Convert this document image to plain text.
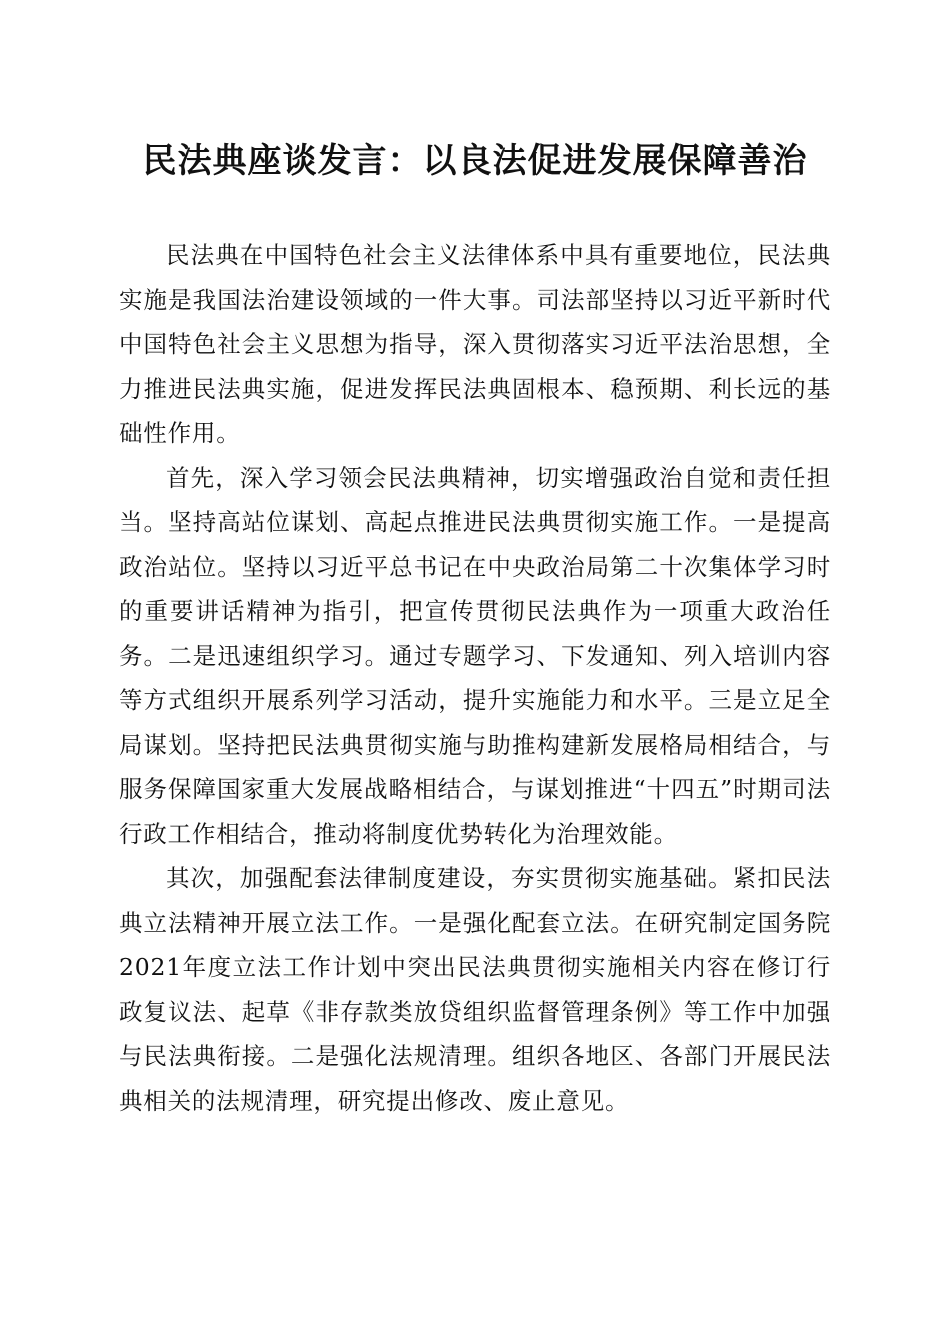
民法典座谈发言：以良法促进发展保障善治

民法典在中国特色社会主义法律体系中具有重要地位，民法典实施是我国法治建设领域的一件大事。司法部坚持以习近平新时代中国特色社会主义思想为指导，深入贯彻落实习近平法治思想，全力推进民法典实施，促进发挥民法典固根本、稳预期、利长远的基础性作用。

首先，深入学习领会民法典精神，切实增强政治自觉和责任担当。坚持高站位谋划、高起点推进民法典贯彻实施工作。一是提高政治站位。坚持以习近平总书记在中央政治局第二十次集体学习时的重要讲话精神为指引，把宣传贯彻民法典作为一项重大政治任务。二是迅速组织学习。通过专题学习、下发通知、列入培训内容等方式组织开展系列学习活动，提升实施能力和水平。三是立足全局谋划。坚持把民法典贯彻实施与助推构建新发展格局相结合，与服务保障国家重大发展战略相结合，与谋划推进“十四五”时期司法行政工作相结合，推动将制度优势转化为治理效能。

其次，加强配套法律制度建设，夯实贯彻实施基础。紧扣民法典立法精神开展立法工作。一是强化配套立法。在研究制定国务院2021年度立法工作计划中突出民法典贯彻实施相关内容在修订行政复议法、起草《非存款类放贷组织监督管理条例》等工作中加强与民法典衔接。二是强化法规清理。组织各地区、各部门开展民法典相关的法规清理，研究提出修改、废止意见。
